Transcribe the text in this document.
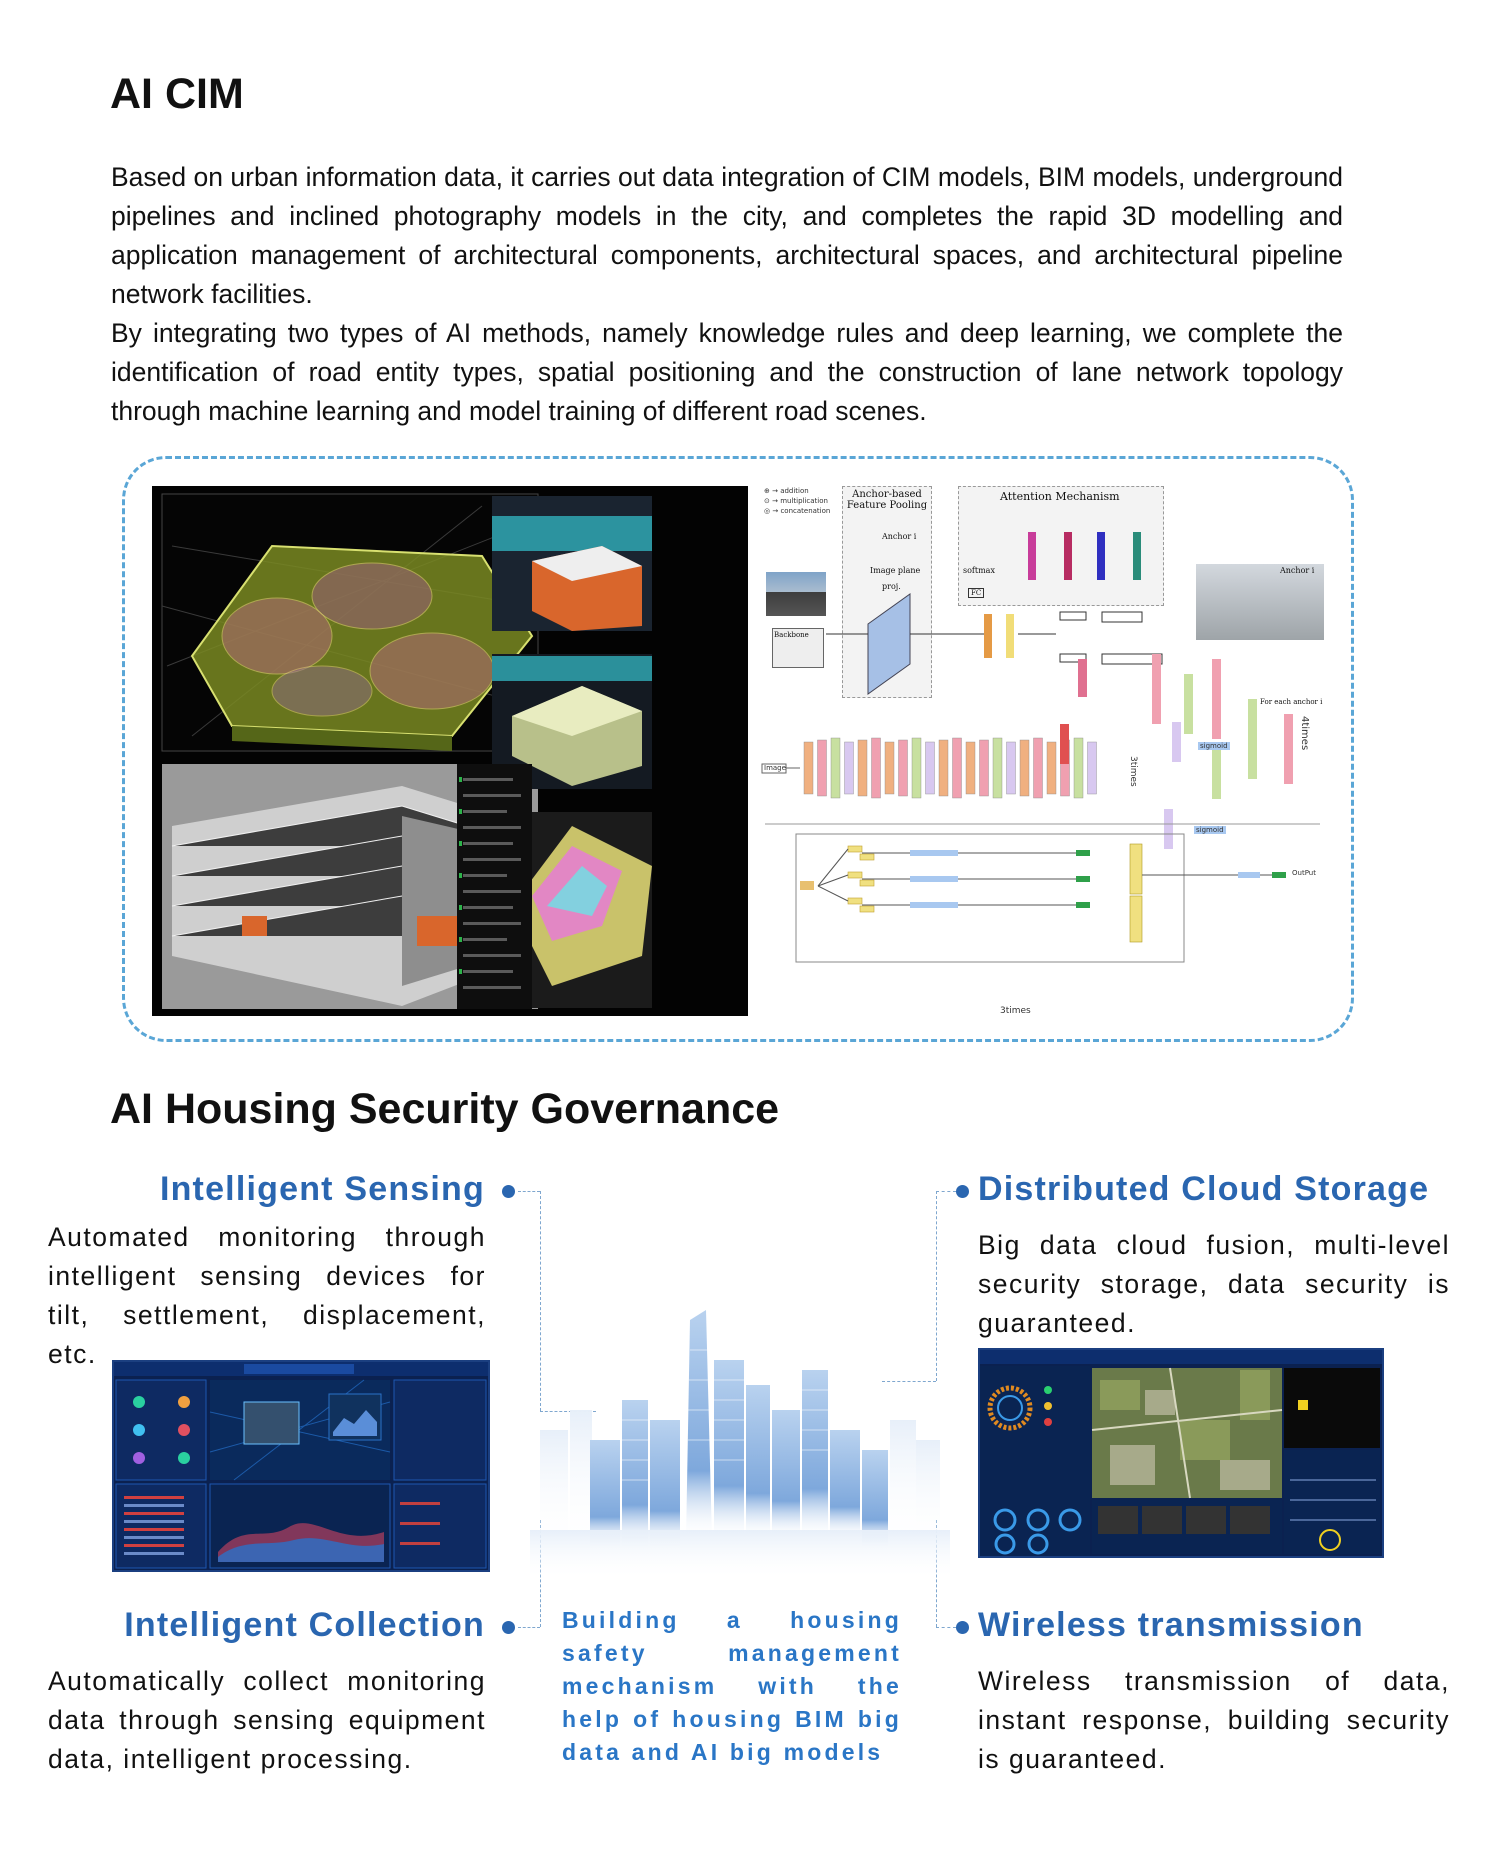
AI CIM

Based on urban information data, it carries out data integration of CIM models, BIM models, underground pipelines and inclined photography models in the city, and completes the rapid 3D modelling and application management of architectural components, architectural spaces, and architectural pipeline network facilities.

By integrating two types of AI methods, namely knowledge rules and deep learning, we complete the identification of road entity types, spatial positioning and the construction of lane network topology through machine learning and model training of different road scenes.

⊕ → addition
⊙ → multiplication
◎ → concatenation
Anchor-based Feature Pooling
Anchor i
Image plane
proj.
Backbone
Attention Mechanism
softmax
FC
Anchor i
For each anchor i
Image	3times
4times
sigmoid
sigmoid
OutPut
3times
AI Housing Security Governance
Intelligent Sensing
Automated monitoring through intelligent sensing devices for tilt, settlement, displacement, etc.
Distributed Cloud Storage
Big data cloud fusion, multi-level security storage, data security is guaranteed.
Intelligent Collection
Automatically collect monitoring data through sensing equipment data, intelligent processing.
Wireless transmission
Wireless transmission of data, instant response, building security is guaranteed.
Building a housing safety management mechanism with the help of housing BIM big data and AI big models
